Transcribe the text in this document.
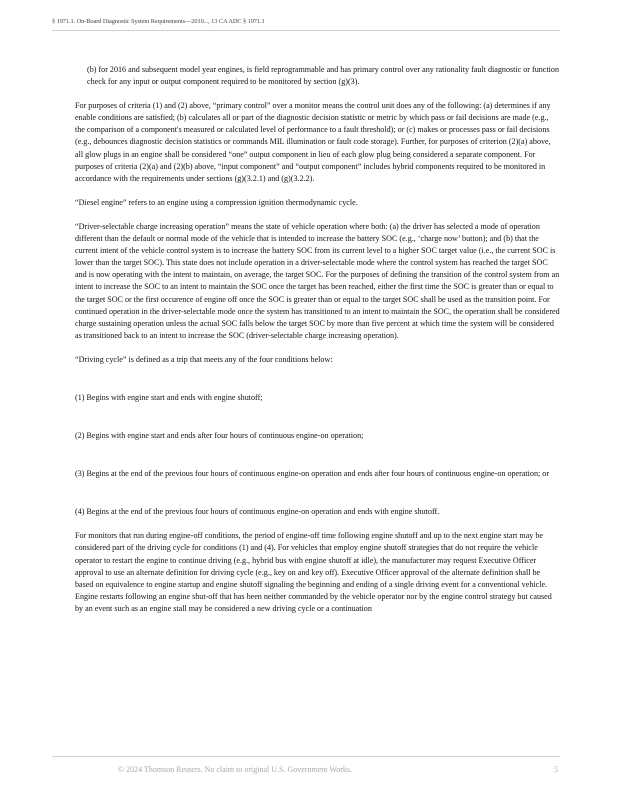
§ 1971.1. On-Board Diagnostic System Requirements—2010..., 13 CA ADC § 1971.1

(b) for 2016 and subsequent model year engines, is field reprogrammable and has primary control over any rationality fault diagnostic or function check for any input or output component required to be monitored by section (g)(3).

For purposes of criteria (1) and (2) above, “primary control” over a monitor means the control unit does any of the following: (a) determines if any enable conditions are satisfied; (b) calculates all or part of the diagnostic decision statistic or metric by which pass or fail decisions are made (e.g., the comparison of a component's measured or calculated level of performance to a fault threshold); or (c) makes or processes pass or fail decisions (e.g., debounces diagnostic decision statistics or commands MIL illumination or fault code storage). Further, for purposes of criterion (2)(a) above, all glow plugs in an engine shall be considered “one” output component in lieu of each glow plug being considered a separate component. For purposes of criteria (2)(a) and (2)(b) above, “input component” and “output component” includes hybrid components required to be monitored in accordance with the requirements under sections (g)(3.2.1) and (g)(3.2.2).

“Diesel engine” refers to an engine using a compression ignition thermodynamic cycle.

“Driver-selectable charge increasing operation” means the state of vehicle operation where both: (a) the driver has selected a mode of operation different than the default or normal mode of the vehicle that is intended to increase the battery SOC (e.g., ‘charge now’ button); and (b) that the current intent of the vehicle control system is to increase the battery SOC from its current level to a higher SOC target value (i.e., the current SOC is lower than the target SOC). This state does not include operation in a driver-selectable mode where the control system has reached the target SOC and is now operating with the intent to maintain, on average, the target SOC. For the purposes of defining the transition of the control system from an intent to increase the SOC to an intent to maintain the SOC once the target has been reached, either the first time the SOC is greater than or equal to the target SOC or the first occurence of engine off once the SOC is greater than or equal to the target SOC shall be used as the transition point. For continued operation in the driver-selectable mode once the system has transitioned to an intent to maintain the SOC, the operation shall be considered charge sustaining operation unless the actual SOC falls below the target SOC by more than five percent at which time the system will be considered as transitioned back to an intent to increase the SOC (driver-selectable charge increasing operation).

“Driving cycle” is defined as a trip that meets any of the four conditions below:

(1) Begins with engine start and ends with engine shutoff;

(2) Begins with engine start and ends after four hours of continuous engine-on operation;

(3) Begins at the end of the previous four hours of continuous engine-on operation and ends after four hours of continuous engine-on operation; or

(4) Begins at the end of the previous four hours of continuous engine-on operation and ends with engine shutoff.

For monitors that run during engine-off conditions, the period of engine-off time following engine shutoff and up to the next engine start may be considered part of the driving cycle for conditions (1) and (4). For vehicles that employ engine shutoff strategies that do not require the vehicle operator to restart the engine to continue driving (e.g., hybrid bus with engine shutoff at idle), the manufacturer may request Executive Officer approval to use an alternate definition for driving cycle (e.g., key on and key off). Executive Officer approval of the alternate definition shall be based on equivalence to engine startup and engine shutoff signaling the beginning and ending of a single driving event for a conventional vehicle. Engine restarts following an engine shut-off that has been neither commanded by the vehicle operator nor by the engine control strategy but caused by an event such as an engine stall may be considered a new driving cycle or a continuation

© 2024 Thomson Reuters. No claim to original U.S. Government Works.	5
